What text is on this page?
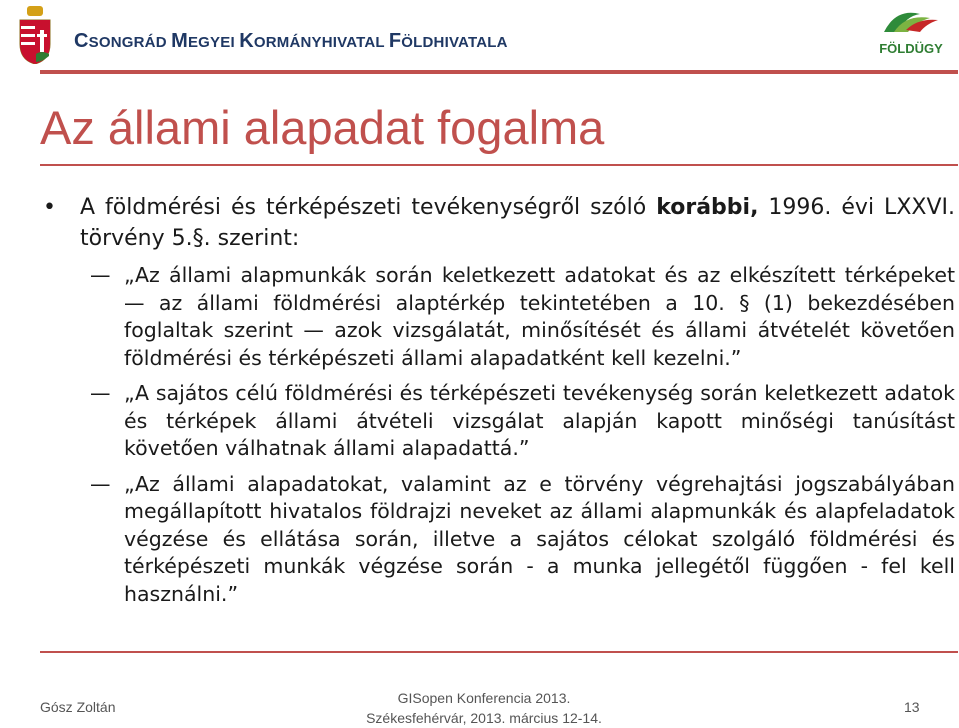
CSONGRÁD MEGYEI KORMÁNYHIVATAL FÖLDHIVATALA	FÖLDÜGY
Az állami alapadat fogalma
• A földmérési és térképészeti tevékenységről szóló korábbi, 1996. évi LXXVI. törvény 5.§. szerint:
— „Az állami alapmunkák során keletkezett adatokat és az elkészített térképeket — az állami földmérési alaptérkép tekintetében a 10. § (1) bekezdésében foglaltak szerint — azok vizsgálatát, minősítését és állami átvételét követően földmérési és térképészeti állami alapadatként kell kezelni.”
— „A sajátos célú földmérési és térképészeti tevékenység során keletkezett adatok és térképek állami átvételi vizsgálat alapján kapott minőségi tanúsítást követően válhatnak állami alapadattá.”
— „Az állami alapadatokat, valamint az e törvény végrehajtási jogszabályában megállapított hivatalos földrajzi neveket az állami alapmunkák és alapfeladatok végzése és ellátása során, illetve a sajátos célokat szolgáló földmérési és térképészeti munkák végzése során - a munka jellegétől függően - fel kell használni.”
Gósz Zoltán
GISopen Konferencia 2013.
Székesfehérvár, 2013. március 12-14.
13
